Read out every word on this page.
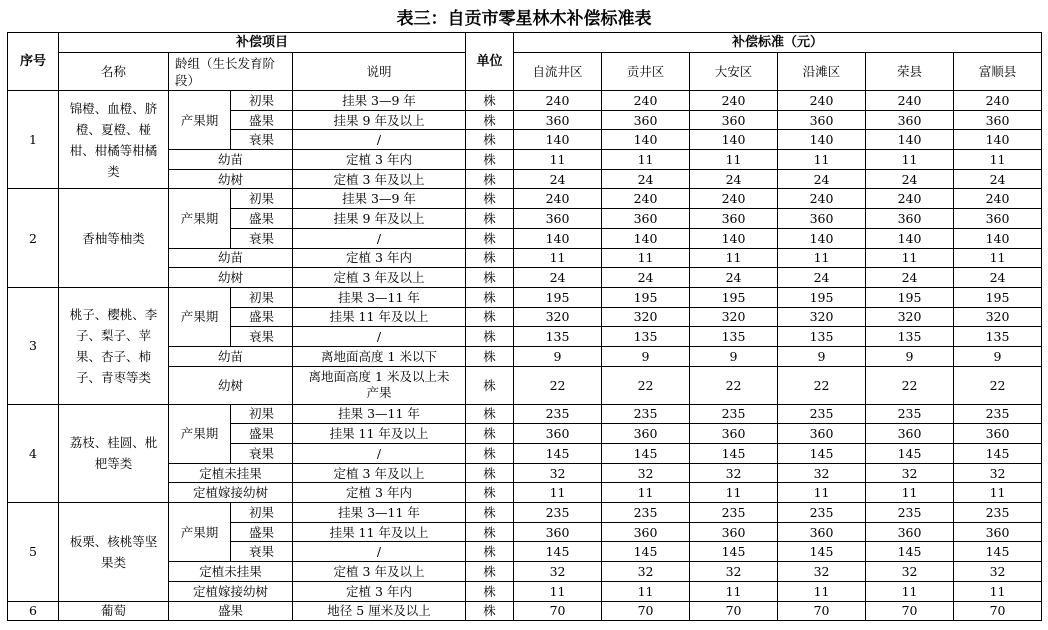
表三：自贡市零星林木补偿标准表
序号	补偿项目				单位	补偿标准（元）					
	名称	龄组（生长发育阶段）		说明		自流井区	贡井区	大安区	沿滩区	荣县	富顺县
1	锦橙、血橙、脐橙、夏橙、椪柑、柑橘等柑橘类	产果期	初果	挂果 3—9 年	株	240	240	240	240	240	240
			盛果	挂果 9 年及以上	株	360	360	360	360	360	360
			衰果	/	株	140	140	140	140	140	140
		幼苗		定植 3 年内	株	11	11	11	11	11	11
		幼树		定植 3 年及以上	株	24	24	24	24	24	24
2	香柚等柚类	产果期	初果	挂果 3—9 年	株	240	240	240	240	240	240
			盛果	挂果 9 年及以上	株	360	360	360	360	360	360
			衰果	/	株	140	140	140	140	140	140
		幼苗		定植 3 年内	株	11	11	11	11	11	11
		幼树		定植 3 年及以上	株	24	24	24	24	24	24
3	桃子、樱桃、李子、梨子、苹果、杏子、柿子、青枣等类	产果期	初果	挂果 3—11 年	株	195	195	195	195	195	195
			盛果	挂果 11 年及以上	株	320	320	320	320	320	320
			衰果	/	株	135	135	135	135	135	135
		幼苗		离地面高度 1 米以下	株	9	9	9	9	9	9
		幼树		离地面高度 1 米及以上未产果	株	22	22	22	22	22	22
4	荔枝、桂圆、枇杷等类	产果期	初果	挂果 3—11 年	株	235	235	235	235	235	235
			盛果	挂果 11 年及以上	株	360	360	360	360	360	360
			衰果	/	株	145	145	145	145	145	145
		定植未挂果		定植 3 年及以上	株	32	32	32	32	32	32
		定植嫁接幼树		定植 3 年内	株	11	11	11	11	11	11
5	板栗、核桃等坚果类	产果期	初果	挂果 3—11 年	株	235	235	235	235	235	235
			盛果	挂果 11 年及以上	株	360	360	360	360	360	360
			衰果	/	株	145	145	145	145	145	145
		定植未挂果		定植 3 年及以上	株	32	32	32	32	32	32
		定植嫁接幼树		定植 3 年内	株	11	11	11	11	11	11
6	葡萄	盛果		地径 5 厘米及以上	株	70	70	70	70	70	70
